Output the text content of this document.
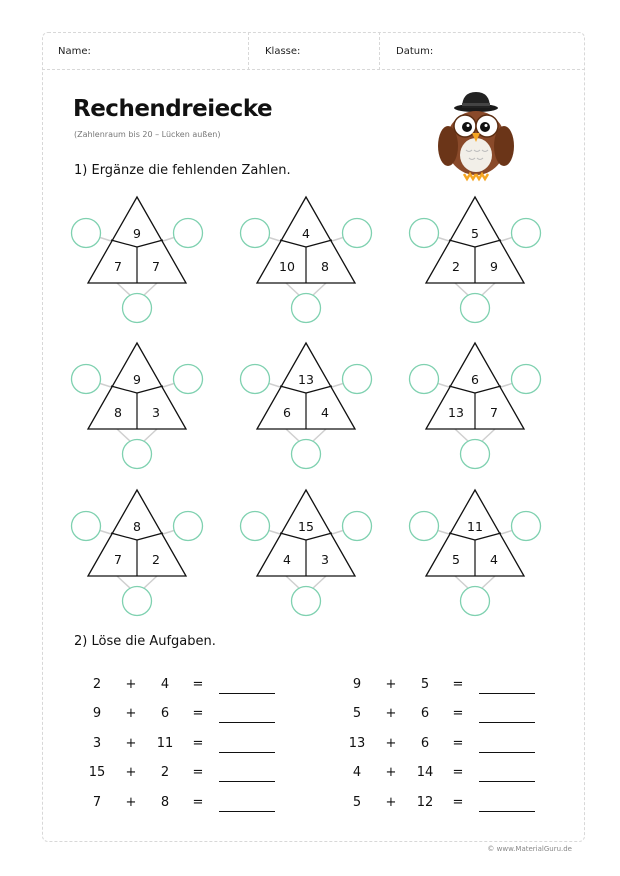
Name:	Klasse:	Datum:
Rechendreiecke
(Zahlenraum bis 20 – Lücken außen)
1) Ergänze die fehlenden Zahlen.
9
7 7
4
10 8
5
2 9
9
8 3
13
6 4
6
13 7
8
7 2
15
4 3
11
5 4
2) Löse die Aufgaben.
2	+	4	=
9	+	6	=
3	+	11	=
15	+	2	=
7	+	8	=
9	+	5	=
5	+	6	=
13	+	6	=
4	+	14	=
5	+	12	=
© www.MaterialGuru.de
